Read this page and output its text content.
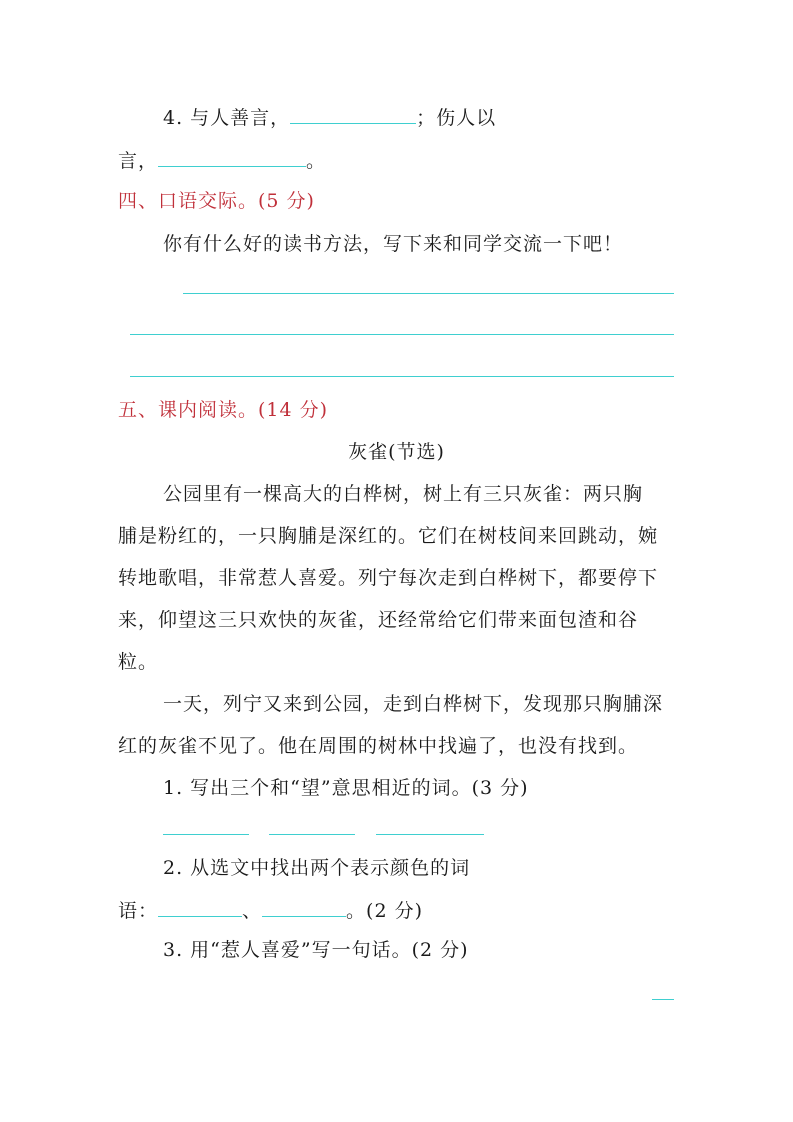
4. 与人善言，	；伤人以
言，	。
四、口语交际。(5 分)
你有什么好的读书方法，写下来和同学交流一下吧！
五、课内阅读。(14 分)
灰雀(节选)
公园里有一棵高大的白桦树，树上有三只灰雀：两只胸
脯是粉红的，一只胸脯是深红的。它们在树枝间来回跳动，婉
转地歌唱，非常惹人喜爱。列宁每次走到白桦树下，都要停下
来，仰望这三只欢快的灰雀，还经常给它们带来面包渣和谷
粒。
一天，列宁又来到公园，走到白桦树下，发现那只胸脯深
红的灰雀不见了。他在周围的树林中找遍了，也没有找到。
1. 写出三个和“望”意思相近的词。(3 分)
2. 从选文中找出两个表示颜色的词
语：	、	。(2 分)
3. 用“惹人喜爱”写一句话。(2 分)
